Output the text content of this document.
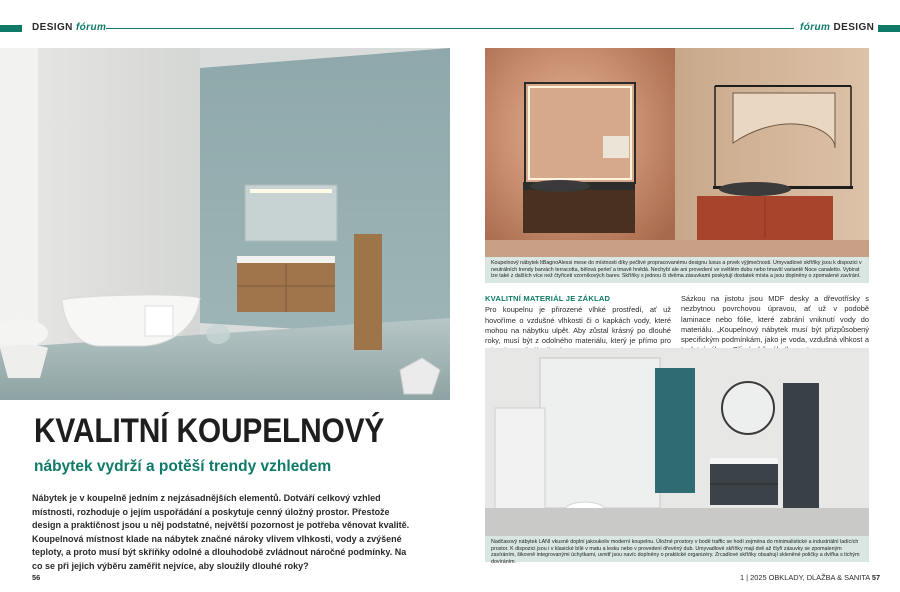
DESIGN fórum	fórum DESIGN
KVALITNÍ KOUPELNOVÝ
nábytek vydrží a potěší trendy vzhledem
Nábytek je v koupelně jedním z nejzásadnějších elementů. Dotváří celkový vzhled místnosti, rozhoduje o jejím uspořádání a poskytuje cenný úložný prostor. Přestože design a praktičnost jsou u něj podstatné, největší pozornost je potřeba věnovat kvalitě. Koupelnová místnost klade na nábytek značné nároky vlivem vlhkosti, vody a zvýšené teploty, a proto musí být skříňky odolné a dlouhodobě zvládnout náročné podmínky. Na co se při jejich výběru zaměřit nejvíce, aby sloužily dlouhé roky?
56
Koupelnový nábytek ltBagnoAlessi mese do místnosti díky pečlivé propracovanému designu luxus a prvek výjimečnosti. Umyvadlové skříňky jsou k dispozici v neutrálních trendy barvách terracotta, bělová perleť a tmavě hnědá. Nechybí ale ani provedení ve světlém dubu nebo tmavší variantě Noce canaletto. Vybírat lze také z dalších více než čtyřiceti vzorníkových barev. Skříňky s jednou či dvěma zásuvkami poskytují dostatek místa a jsou doplněny o zpomalené zavírání.
KVALITNÍ MATERIÁL JE ZÁKLAD
Pro koupelnu je přirozené vlhké prostředí, ať už hovoříme o vzdušné vlhkosti či o kapkách vody, které mohou na nábytku ulpět. Aby zůstal krásný po dlouhé roky, musí být z odolného materiálu, který je přímo pro
Sázkou na jistotu jsou MDF desky a dřevotřísky s nezbytnou povrchovou úpravou, ať už v podobě laminace nebo fólie, které zabrání vniknutí vody do materiálu. „Koupelnový nábytek musí být přizpůsobený specifickým podmínkám, jako je voda, vzdušná vlhkost a
Nadčasový nábytek LANI vkusně doplní jakoukoliv moderní koupelnu. Úložné prostory v bodě traffic se hodí zejména do minimalistické a industriální ladících prostor. K dispozici jsou i v klasické bílé v matu a lesku nebo v provedení dřevěný dub. Umyvadlové skříňky mají dvě až čtyři zásuvky se zpomaleným zavíráním, šikovně integrovanými úchytkami, uvnitř jsou navíc doplněny o praktické organizéry. Zrcadlové skříňky obsahují skleněné poličky a dvířka s tichým dovíráním.
1 | 2025 OBKLADY, DLAŽBA & SANITA 57
